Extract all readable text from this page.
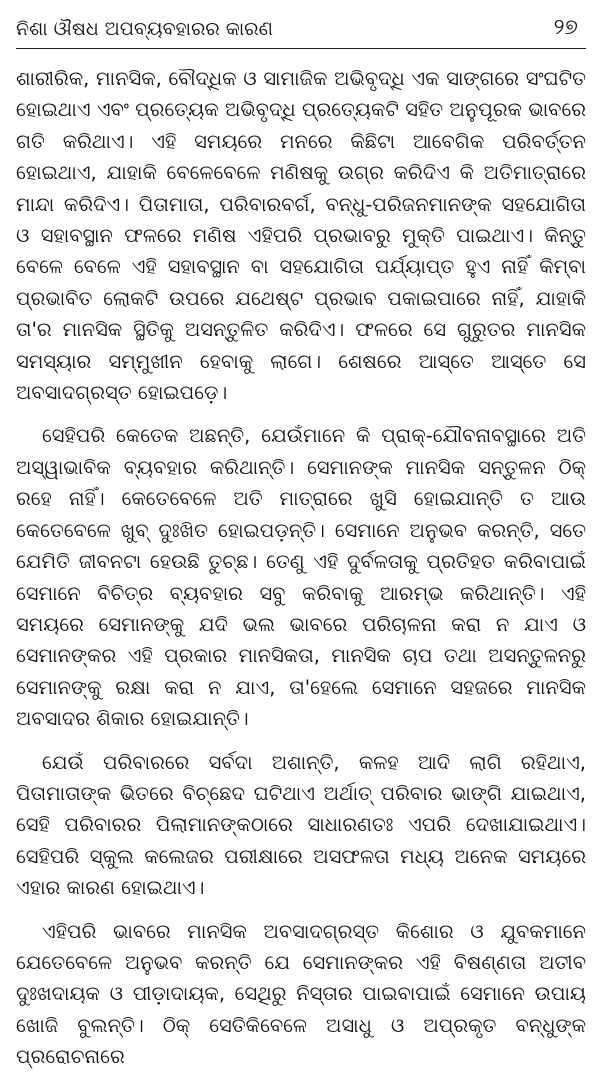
ନିଶା ଔଷଧ ଅପବ୍ୟବହାରର କାରଣ	୨୭

ଶାରୀରିକ, ମାନସିକ, ବୌଦ୍ଧିକ ଓ ସାମାଜିକ ଅଭିବୃଦ୍ଧି ଏକ ସାଙ୍ଗରେ ସଂଘଟିତ ହୋଇଥାଏ ଏବଂ ପ୍ରତ୍ୟେକ ଅଭିବୃଦ୍ଧି ପ୍ରତ୍ୟେକଟି ସହିତ ଅନୁପୂରକ ଭାବରେ ଗତି କରିଥାଏ। ଏହି ସମୟରେ ମନରେ କିଛିଟା ଆବେଗିକ ପରିବର୍ତ୍ତନ ହୋଇଥାଏ, ଯାହାକି ବେଳେବେଳେ ମଣିଷକୁ ଉଗ୍ର କରିଦିଏ କି ଅତିମାତ୍ରାରେ ମାନ୍ଦା କରିଦିଏ। ପିତାମାତା, ପରିବାରବର୍ଗ, ବନ୍ଧୁ-ପରିଜନମାନଙ୍କ ସହଯୋଗିତା ଓ ସହାବସ୍ଥାନ ଫଳରେ ମଣିଷ ଏହିପରି ପ୍ରଭାବରୁ ମୁକ୍ତି ପାଇଥାଏ। କିନ୍ତୁ ବେଳେ ବେଳେ ଏହି ସହାବସ୍ଥାନ ବା ସହଯୋଗିତା ପର୍ଯ୍ୟାପ୍ତ ହୁଏ ନାହିଁ କିମ୍ବା ପ୍ରଭାବିତ ଲୋକଟି ଉପରେ ଯଥେଷ୍ଟ ପ୍ରଭାବ ପକାଇପାରେ ନାହିଁ, ଯାହାକି ତା'ର ମାନସିକ ସ୍ଥିତିକୁ ଅସନ୍ତୁଳିତ କରିଦିଏ। ଫଳରେ ସେ ଗୁରୁତର ମାନସିକ ସମସ୍ୟାର ସମ୍ମୁଖୀନ ହେବାକୁ ଲାଗେ। ଶେଷରେ ଆସ୍ତେ ଆସ୍ତେ ସେ ଅବସାଦଗ୍ରସ୍ତ ହୋଇପଡ଼େ।

ସେହିପରି କେତେକ ଅଛନ୍ତି, ଯେଉଁମାନେ କି ପ୍ରାକ୍-ଯୌବନାବସ୍ଥାରେ ଅତି ଅସ୍ୱାଭାବିକ ବ୍ୟବହାର କରିଥାନ୍ତି। ସେମାନଙ୍କ ମାନସିକ ସନ୍ତୁଳନ ଠିକ୍ ରହେ ନାହିଁ। କେତେବେଳେ ଅତି ମାତ୍ରାରେ ଖୁସି ହୋଇଯାନ୍ତି ତ ଆଉ କେତେବେଳେ ଖୁବ୍ ଦୁଃଖିତ ହୋଇପଡ଼ନ୍ତି। ସେମାନେ ଅନୁଭବ କରନ୍ତି, ସତେ ଯେମିତି ଜୀବନଟା ହେଉଛି ତୁଚ୍ଛ। ତେଣୁ ଏହି ଦୁର୍ବଳତାକୁ ପ୍ରତିହତ କରିବାପାଇଁ ସେମାନେ ବିଚିତ୍ର ବ୍ୟବହାର ସବୁ କରିବାକୁ ଆରମ୍ଭ କରିଥାନ୍ତି। ଏହି ସମୟରେ ସେମାନଙ୍କୁ ଯଦି ଭଲ ଭାବରେ ପରିଚାଳନା କରା ନ ଯାଏ ଓ ସେମାନଙ୍କର ଏହି ପ୍ରକାର ମାନସିକତା, ମାନସିକ ଚାପ ତଥା ଅସନ୍ତୁଳନରୁ ସେମାନଙ୍କୁ ରକ୍ଷା କରା ନ ଯାଏ, ତା'ହେଲେ ସେମାନେ ସହଜରେ ମାନସିକ ଅବସାଦର ଶିକାର ହୋଇଯାନ୍ତି।

ଯେଉଁ ପରିବାରରେ ସର୍ବଦା ଅଶାନ୍ତି, କଳହ ଆଦି ଲାଗି ରହିଥାଏ, ପିତାମାତାଙ୍କ ଭିତରେ ବିଚ୍ଛେଦ ଘଟିଥାଏ ଅର୍ଥାତ୍ ପରିବାର ଭାଙ୍ଗି ଯାଇଥାଏ, ସେହି ପରିବାରର ପିଲାମାନଙ୍କଠାରେ ସାଧାରଣତଃ ଏପରି ଦେଖାଯାଇଥାଏ। ସେହିପରି ସ୍କୁଲ କଲେଜର ପରୀକ୍ଷାରେ ଅସଫଳତା ମଧ୍ୟ ଅନେକ ସମୟରେ ଏହାର କାରଣ ହୋଇଥାଏ।

ଏହିପରି ଭାବରେ ମାନସିକ ଅବସାଦଗ୍ରସ୍ତ କିଶୋର ଓ ଯୁବକମାନେ ଯେତେବେଳେ ଅନୁଭବ କରନ୍ତି ଯେ ସେମାନଙ୍କର ଏହି ବିଷଣ୍ଣତା ଅତୀବ ଦୁଃଖଦାୟକ ଓ ପୀଡ଼ାଦାୟକ, ସେଥିରୁ ନିସ୍ତାର ପାଇବାପାଇଁ ସେମାନେ ଉପାୟ ଖୋଜି ବୁଲନ୍ତି। ଠିକ୍ ସେତିକିବେଳେ ଅସାଧୁ ଓ ଅପ୍ରକୃତ ବନ୍ଧୁଙ୍କ ପ୍ରରୋଚନାରେ
